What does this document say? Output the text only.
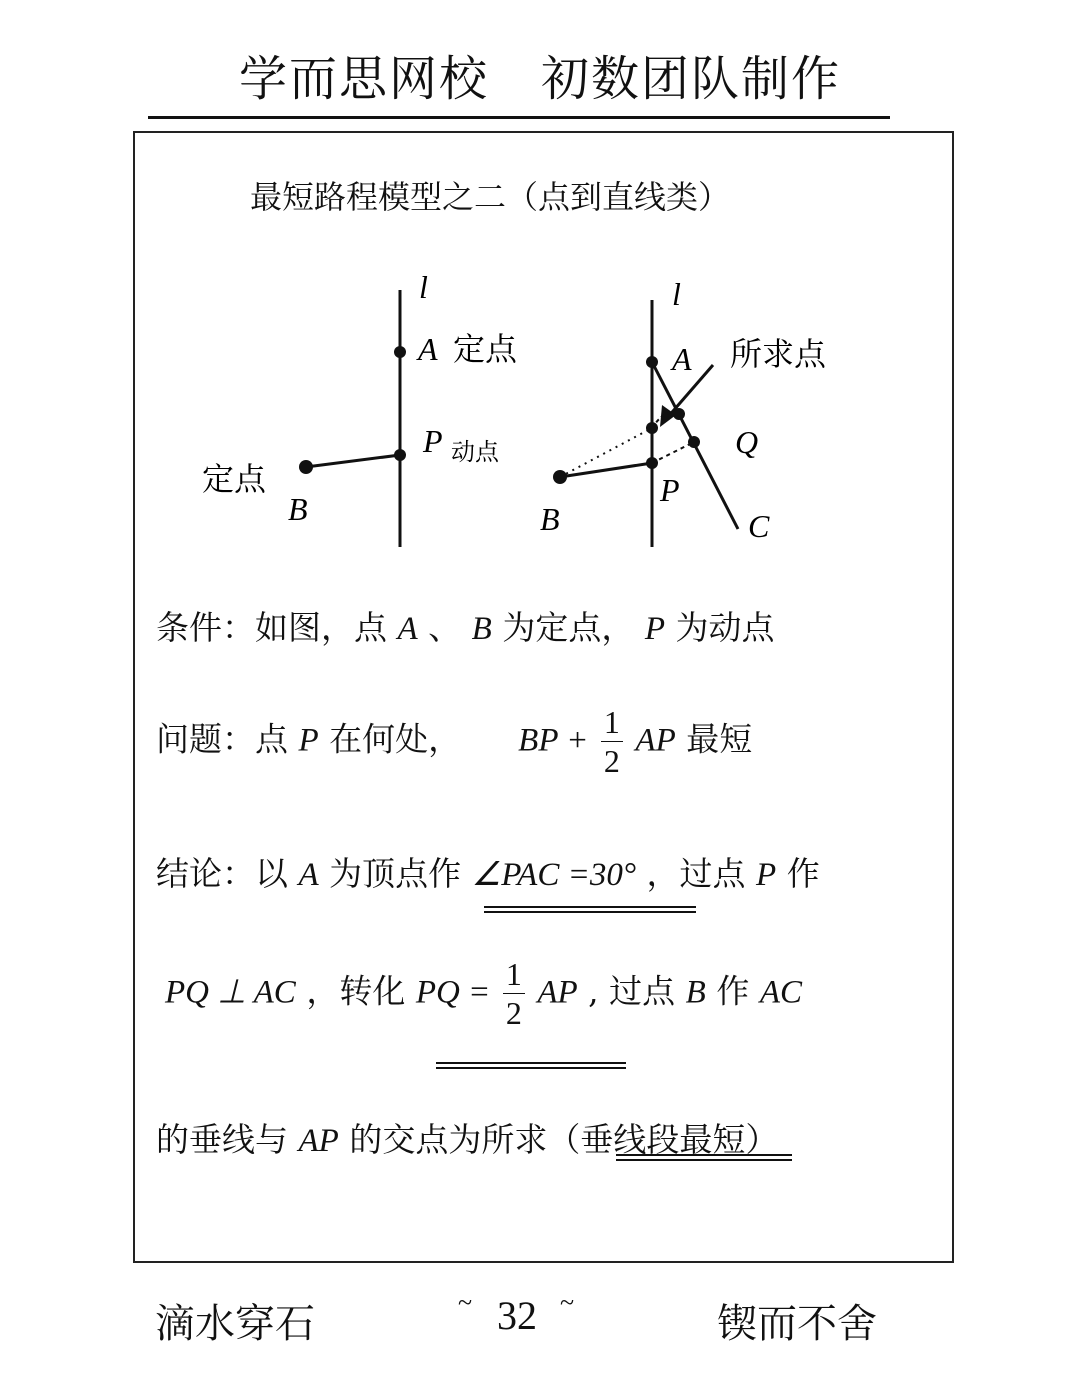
学而思网校 初数团队制作
最短路程模型之二（点到直线类）
l
A 定点
P 动点
定点
B
l
A 所求点
Q
P
B	C
条件：如图，点 A 、 B 为定点， P 为动点
问题：点 P 在何处， BP + $\frac{1}{2}$ AP 最短
结论：以 A 为顶点作 ∠PAC =30° ，过点 P 作
PQ ⊥ AC ，转化 PQ = $\frac{1}{2}$ AP , 过点 B 作 AC
的垂线与 AP 的交点为所求（垂线段最短）
滴水穿石	~ 32 ~	锲而不舍
